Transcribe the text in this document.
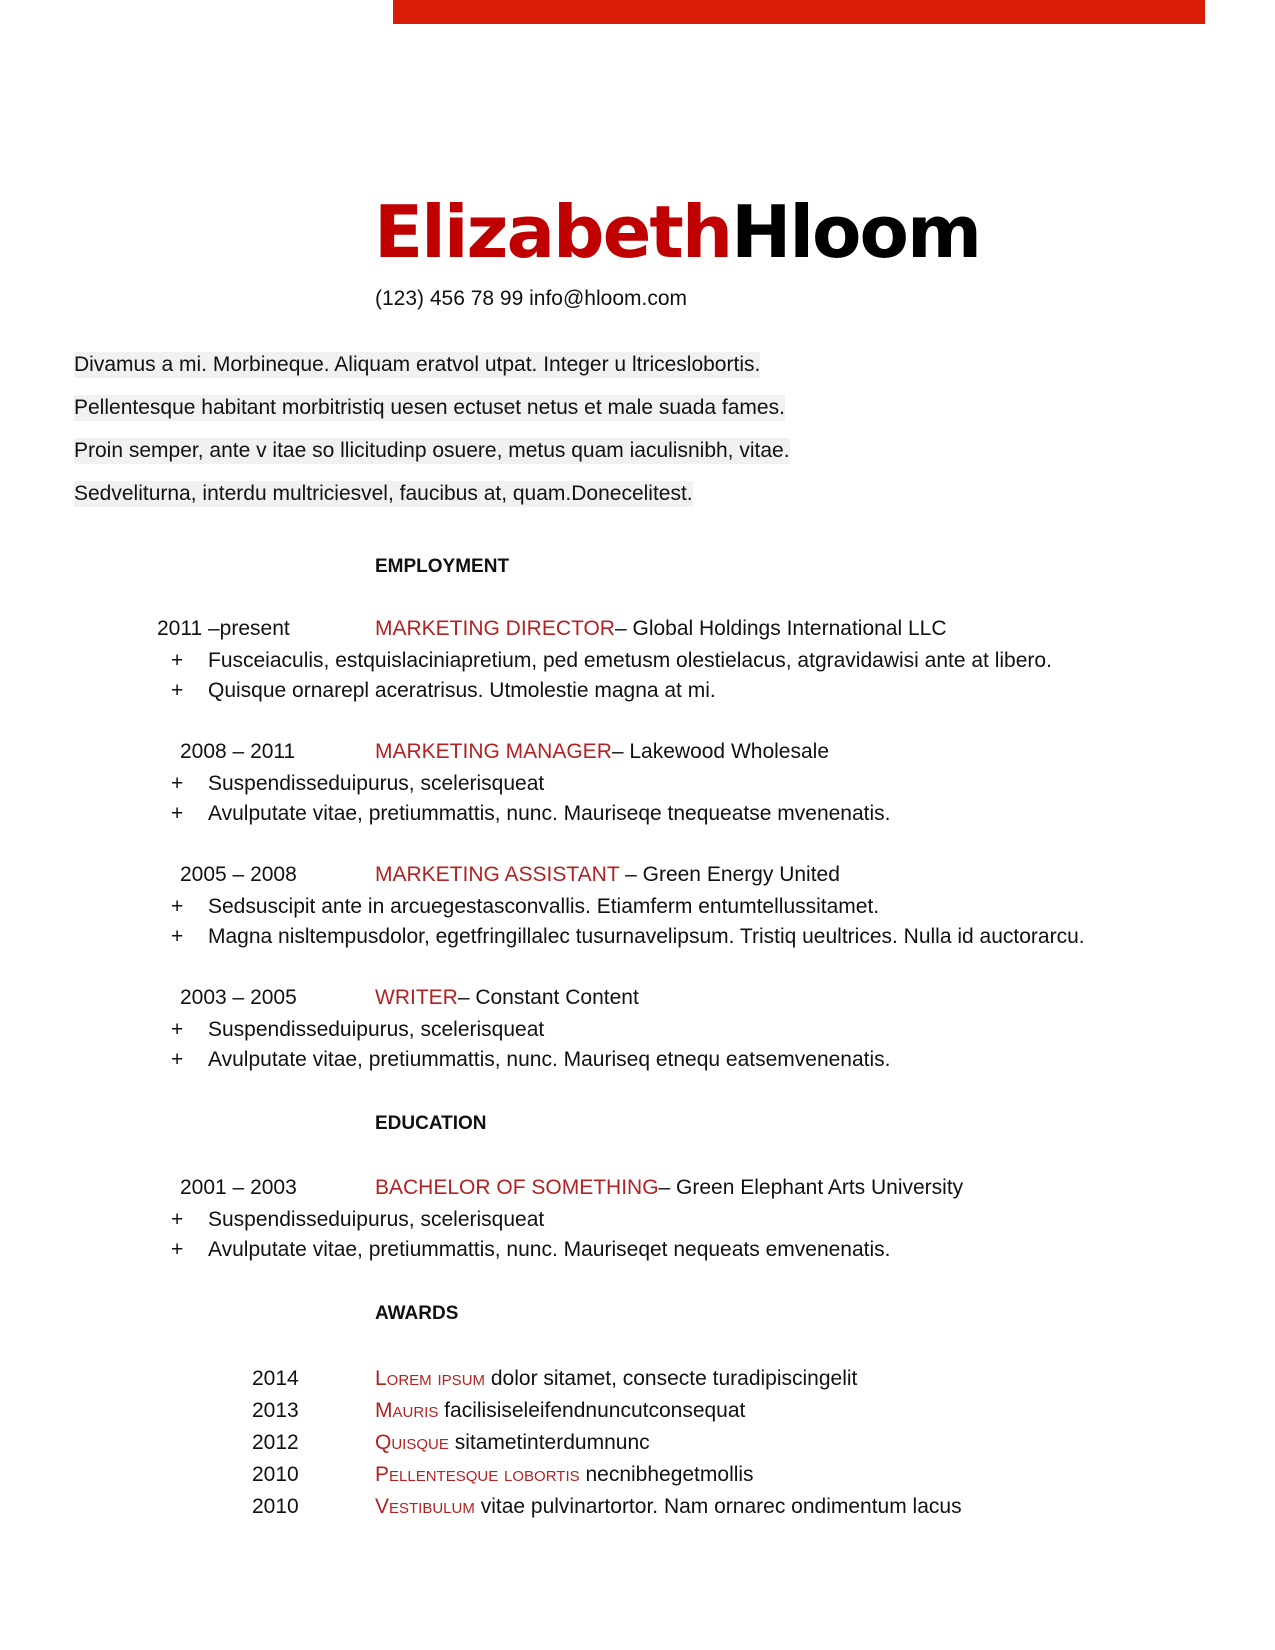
ElizabethHloom
(123) 456 78 99 info@hloom.com
Divamus a mi. Morbineque. Aliquam eratvol utpat. Integer u ltriceslobortis.
Pellentesque habitant morbitristiq uesen ectuset netus et male suada fames.
Proin semper, ante v itae so llicitudinp osuere, metus quam iaculisnibh, vitae.
Sedveliturna, interdu multriciesvel, faucibus at, quam.Donecelitest.
EMPLOYMENT
2011 –present	MARKETING DIRECTOR– Global Holdings International LLC
+ Fusceiaculis, estquislaciniapretium, ped emetusm olestielacus, atgravidawisi ante at libero.
+ Quisque ornarepl aceratrisus. Utmolestie magna at mi.
2008 – 2011	MARKETING MANAGER– Lakewood Wholesale
+ Suspendisseduipurus, scelerisqueat
+ Avulputate vitae, pretiummattis, nunc. Mauriseqe tnequeatse mvenenatis.
2005 – 2008	MARKETING ASSISTANT – Green Energy United
+ Sedsuscipit ante in arcuegestasconvallis. Etiamferm entumtellussitamet.
+ Magna nisltempusdolor, egetfringillalec tusurnavelipsum. Tristiq ueultrices. Nulla id auctorarcu.
2003 – 2005	WRITER– Constant Content
+ Suspendisseduipurus, scelerisqueat
+ Avulputate vitae, pretiummattis, nunc. Mauriseq etnequ eatsemvenenatis.
EDUCATION
2001 – 2003	BACHELOR OF SOMETHING– Green Elephant Arts University
+ Suspendisseduipurus, scelerisqueat
+ Avulputate vitae, pretiummattis, nunc. Mauriseqet nequeats emvenenatis.
AWARDS
2014	Lorem ipsum dolor sitamet, consecte turadipiscingelit
2013	Mauris facilisiseleifendnuncutconsequat
2012	Quisque sitametinterdumnunc
2010	Pellentesque lobortis necnibhegetmollis
2010	Vestibulum vitae pulvinartortor. Nam ornarec ondimentum lacus
